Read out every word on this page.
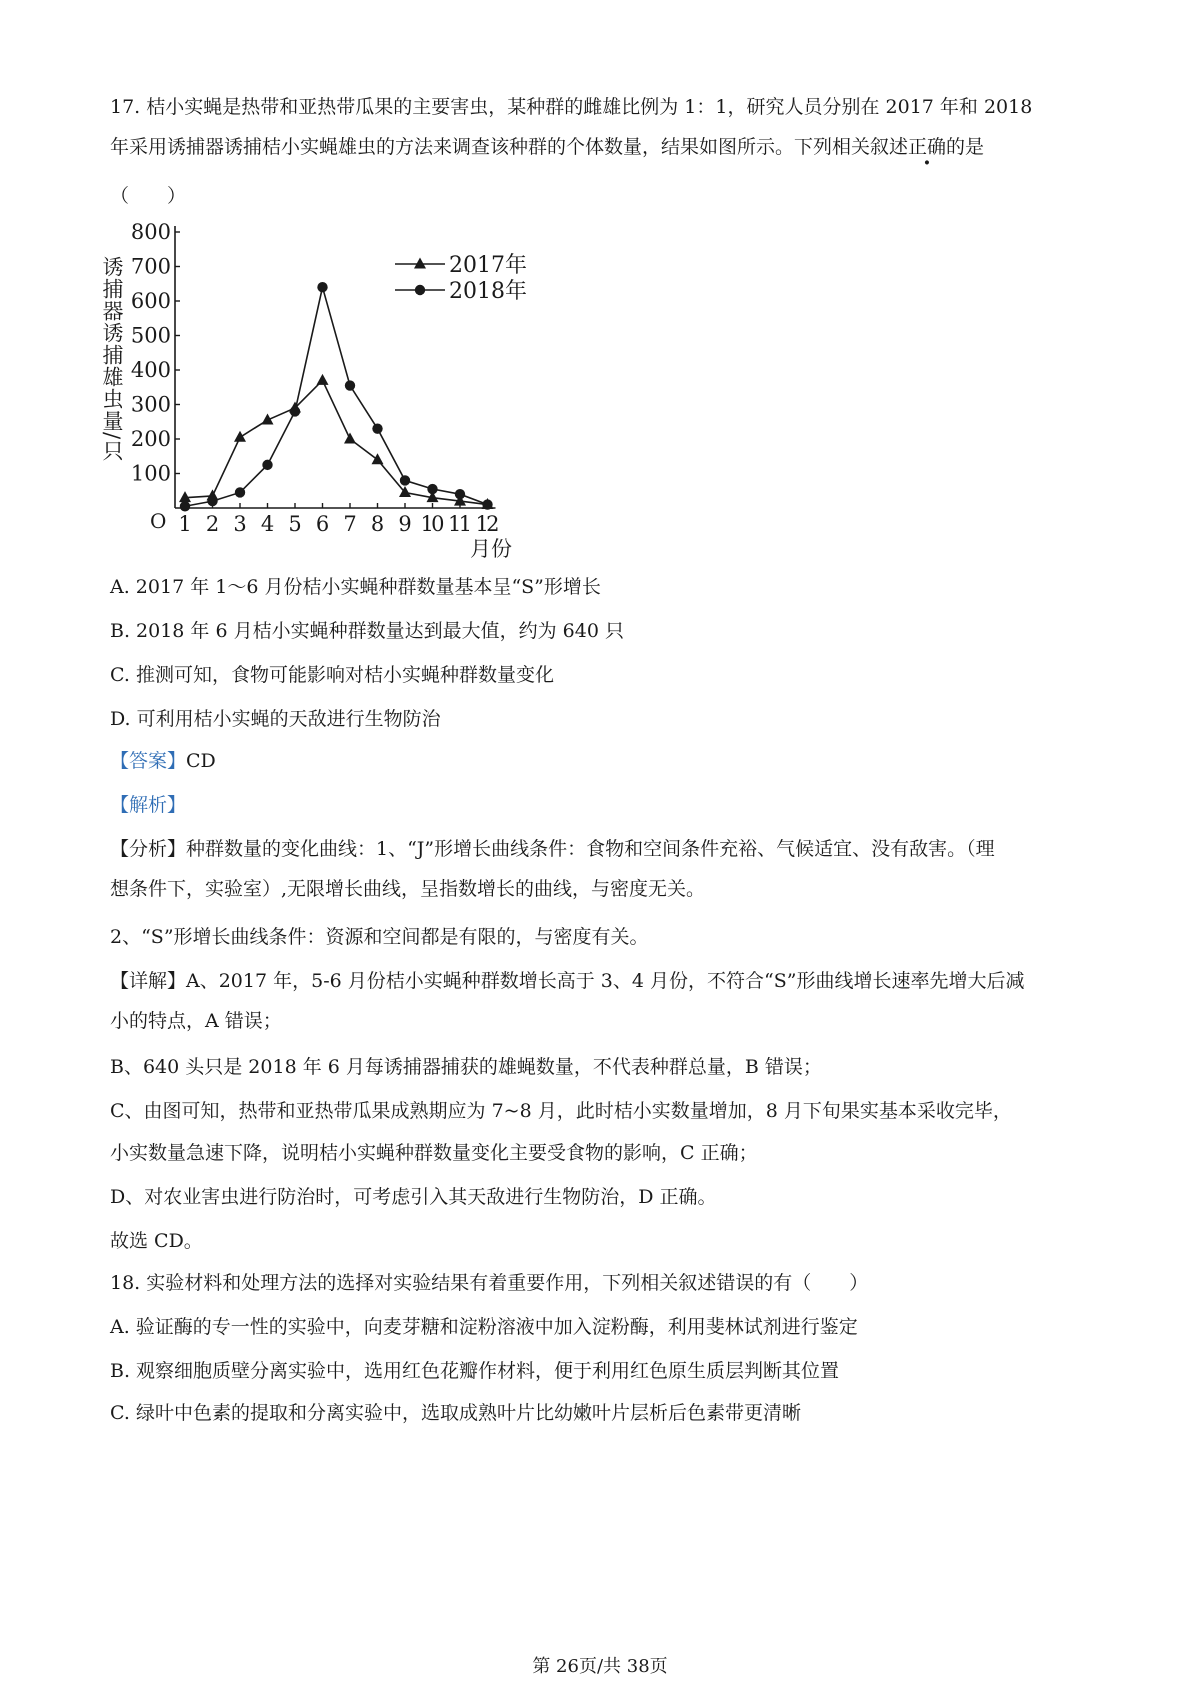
17. 桔小实蝇是热带和亚热带瓜果的主要害虫，某种群的雌雄比例为 1：1，研究人员分别在 2017 年和 2018
年采用诱捕器诱捕桔小实蝇雄虫的方法来调查该种群的个体数量，结果如图所示。下列相关叙述正确的是
（　　）
100
200
300
400
500
600
700
800
1 2 3 4 5 6 7 8 9 10 11 12
诱捕器诱捕雄虫量/只
月份
O
2017年
2018年
A. 2017 年 1～6 月份桔小实蝇种群数量基本呈“S”形增长
B. 2018 年 6 月桔小实蝇种群数量达到最大值，约为 640 只
C. 推测可知，食物可能影响对桔小实蝇种群数量变化
D. 可利用桔小实蝇的天敌进行生物防治
【答案】CD
【解析】
【分析】种群数量的变化曲线：1、“J”形增长曲线条件：食物和空间条件充裕、气候适宜、没有敌害。（理
想条件下，实验室）,无限增长曲线，呈指数增长的曲线，与密度无关。
2、“S”形增长曲线条件：资源和空间都是有限的，与密度有关。
【详解】A、2017 年，5-6 月份桔小实蝇种群数增长高于 3、4 月份，不符合“S”形曲线增长速率先增大后减
小的特点，A 错误；
B、640 头只是 2018 年 6 月每诱捕器捕获的雄蝇数量，不代表种群总量，B 错误；
C、由图可知，热带和亚热带瓜果成熟期应为 7~8 月，此时桔小实数量增加，8 月下旬果实基本采收完毕，
小实数量急速下降，说明桔小实蝇种群数量变化主要受食物的影响，C 正确；
D、对农业害虫进行防治时，可考虑引入其天敌进行生物防治，D 正确。
故选 CD。
18. 实验材料和处理方法的选择对实验结果有着重要作用，下列相关叙述错误的有（　　）
A. 验证酶的专一性的实验中，向麦芽糖和淀粉溶液中加入淀粉酶，利用斐林试剂进行鉴定
B. 观察细胞质壁分离实验中，选用红色花瓣作材料，便于利用红色原生质层判断其位置
C. 绿叶中色素的提取和分离实验中，选取成熟叶片比幼嫩叶片层析后色素带更清晰
第 26页/共 38页
